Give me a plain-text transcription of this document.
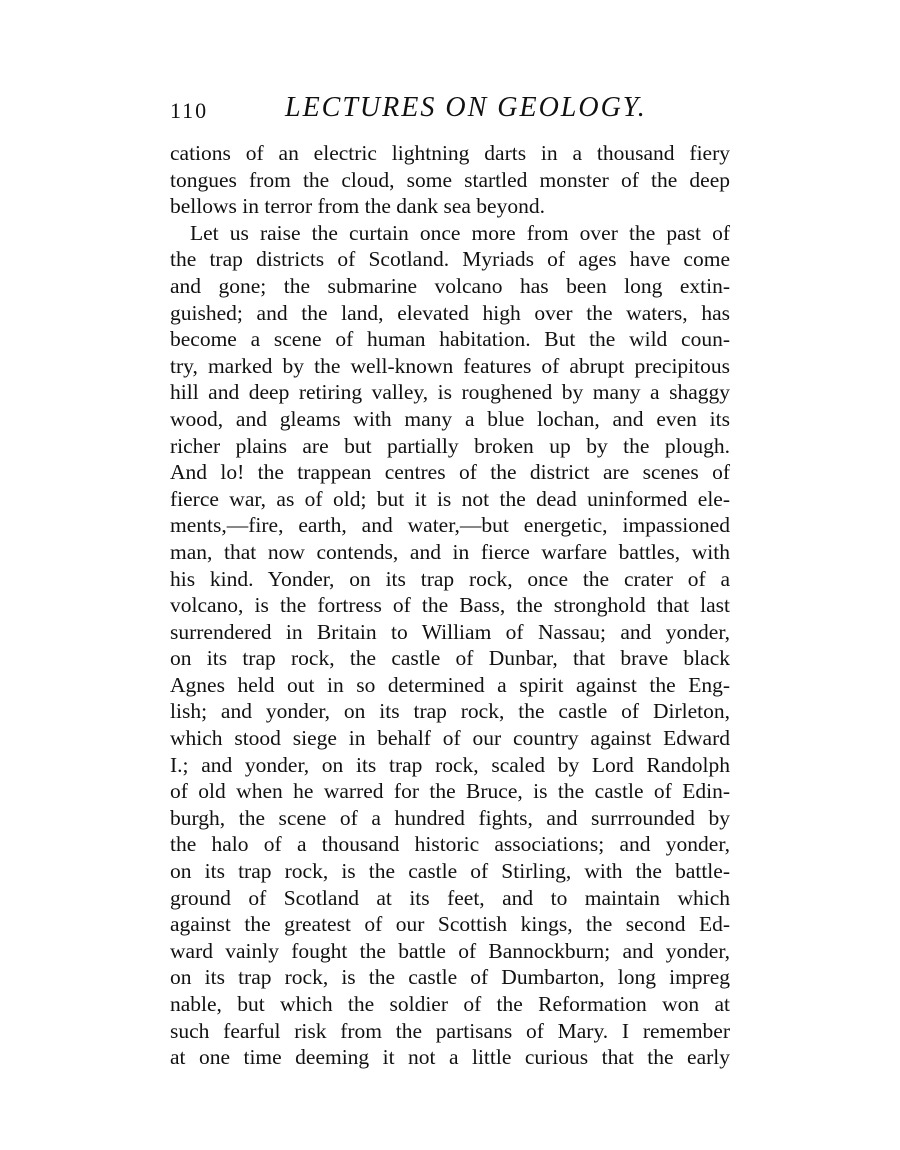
110	LECTURES ON GEOLOGY.
cations of an electric lightning darts in a thousand fiery
tongues from the cloud, some startled monster of the deep
bellows in terror from the dank sea beyond.
Let us raise the curtain once more from over the past of
the trap districts of Scotland. Myriads of ages have come
and gone; the submarine volcano has been long extin-
guished; and the land, elevated high over the waters, has
become a scene of human habitation. But the wild coun-
try, marked by the well-known features of abrupt precipitous
hill and deep retiring valley, is roughened by many a shaggy
wood, and gleams with many a blue lochan, and even its
richer plains are but partially broken up by the plough.
And lo! the trappean centres of the district are scenes of
fierce war, as of old; but it is not the dead uninformed ele-
ments,—fire, earth, and water,—but energetic, impassioned
man, that now contends, and in fierce warfare battles, with
his kind. Yonder, on its trap rock, once the crater of a
volcano, is the fortress of the Bass, the stronghold that last
surrendered in Britain to William of Nassau; and yonder,
on its trap rock, the castle of Dunbar, that brave black
Agnes held out in so determined a spirit against the Eng-
lish; and yonder, on its trap rock, the castle of Dirleton,
which stood siege in behalf of our country against Edward
I.; and yonder, on its trap rock, scaled by Lord Randolph
of old when he warred for the Bruce, is the castle of Edin-
burgh, the scene of a hundred fights, and surrrounded by
the halo of a thousand historic associations; and yonder,
on its trap rock, is the castle of Stirling, with the battle-
ground of Scotland at its feet, and to maintain which
against the greatest of our Scottish kings, the second Ed-
ward vainly fought the battle of Bannockburn; and yonder,
on its trap rock, is the castle of Dumbarton, long impreg
nable, but which the soldier of the Reformation won at
such fearful risk from the partisans of Mary. I remember
at one time deeming it not a little curious that the early
